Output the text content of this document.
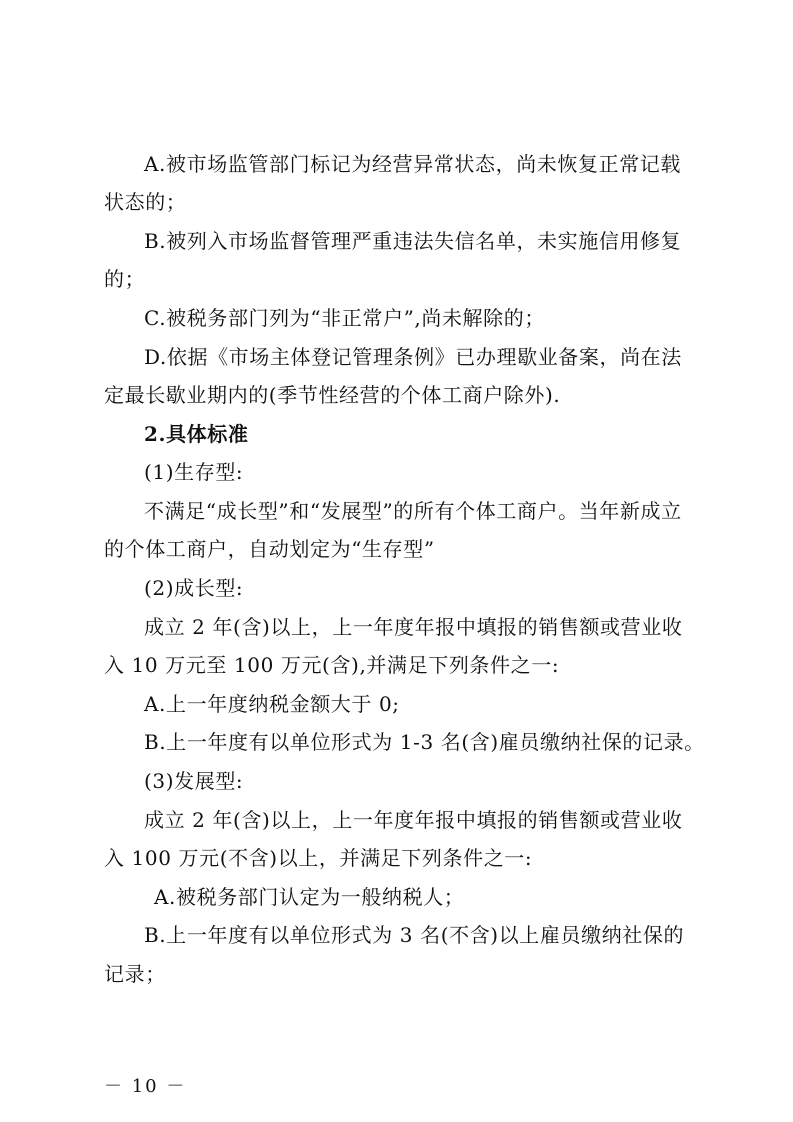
A.被市场监管部门标记为经营异常状态，尚未恢复正常记载
状态的；
B.被列入市场监督管理严重违法失信名单，未实施信用修复
的；
C.被税务部门列为“非正常户”,尚未解除的；
D.依据《市场主体登记管理条例》已办理歇业备案，尚在法
定最长歇业期内的(季节性经营的个体工商户除外).
2.具体标准
(1)生存型:
不满足“成长型”和“发展型”的所有个体工商户。当年新成立
的个体工商户，自动划定为“生存型”
(2)成长型:
成立 2 年(含)以上，上一年度年报中填报的销售额或营业收
入 10 万元至 100 万元(含),并满足下列条件之一:
A.上一年度纳税金额大于 0;
B.上一年度有以单位形式为 1-3 名(含)雇员缴纳社保的记录。
(3)发展型:
成立 2 年(含)以上，上一年度年报中填报的销售额或营业收
入 100 万元(不含)以上，并满足下列条件之一:
A.被税务部门认定为一般纳税人；
B.上一年度有以单位形式为 3 名(不含)以上雇员缴纳社保的
记录；
－ 10 －
